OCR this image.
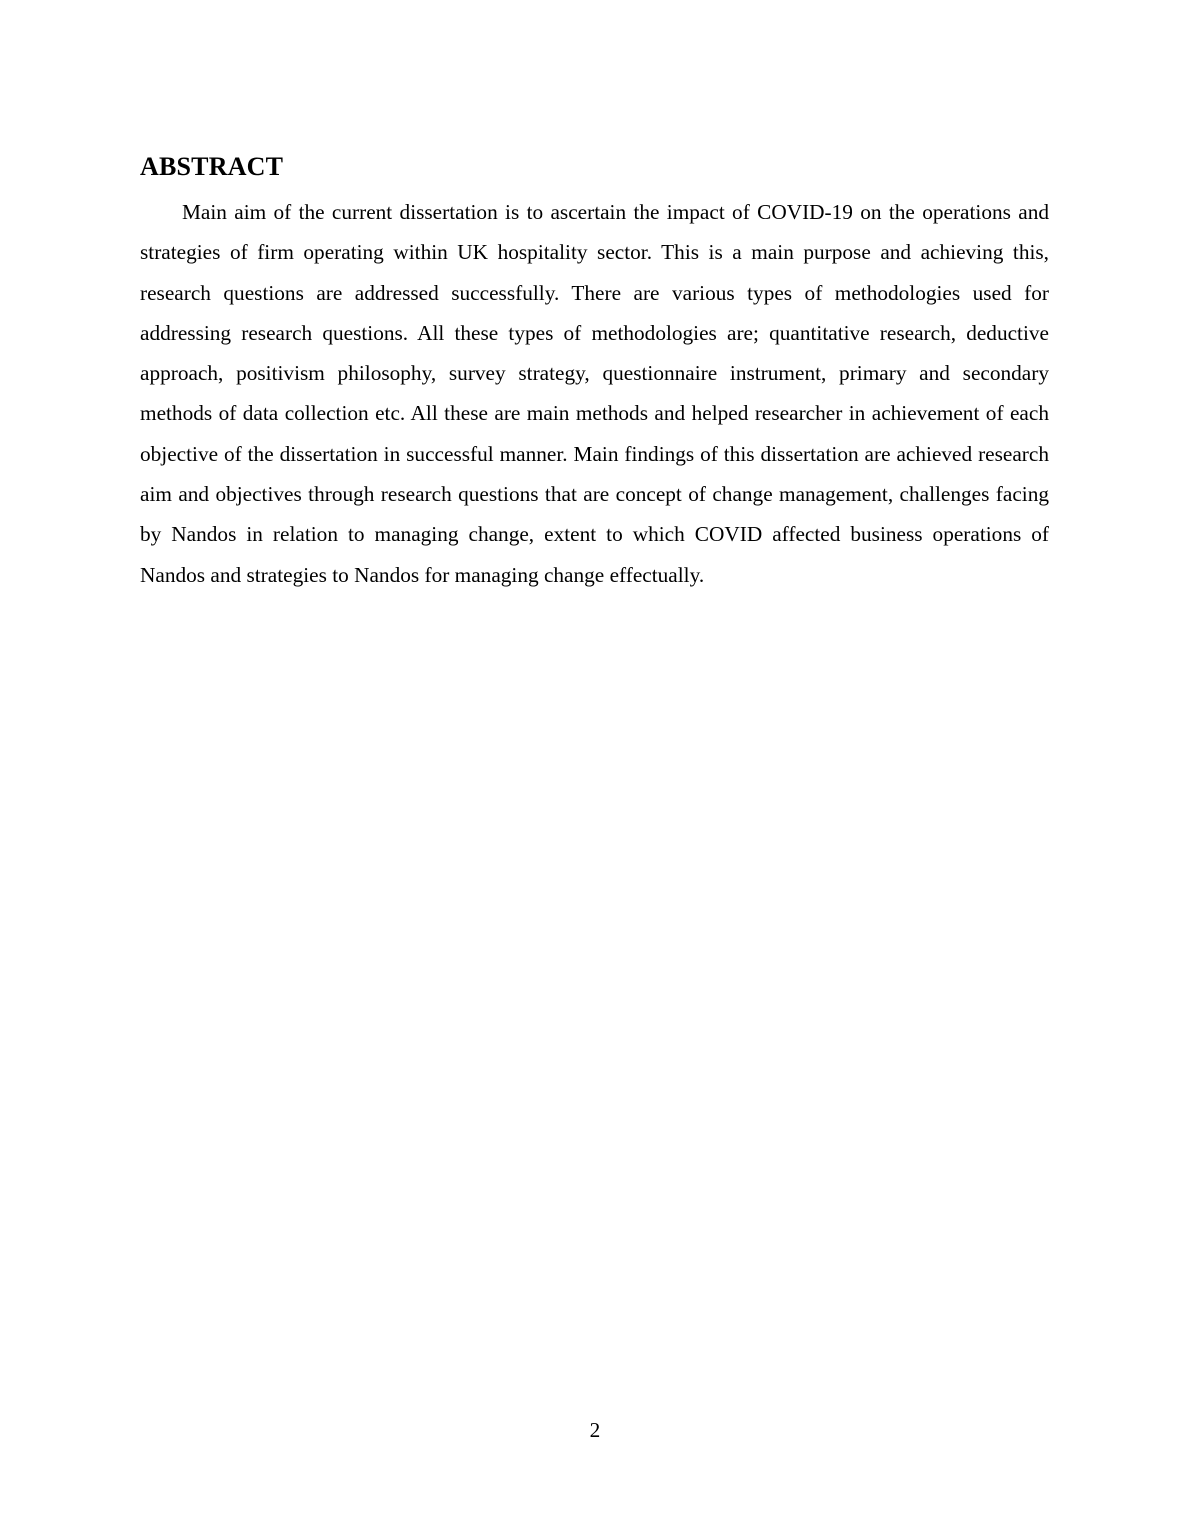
ABSTRACT

Main aim of the current dissertation is to ascertain the impact of COVID-19 on the operations and strategies of firm operating within UK hospitality sector. This is a main purpose and achieving this, research questions are addressed successfully. There are various types of methodologies used for addressing research questions. All these types of methodologies are; quantitative research, deductive approach, positivism philosophy, survey strategy, questionnaire instrument, primary and secondary methods of data collection etc. All these are main methods and helped researcher in achievement of each objective of the dissertation in successful manner. Main findings of this dissertation are achieved research aim and objectives through research questions that are concept of change management, challenges facing by Nandos in relation to managing change, extent to which COVID affected business operations of Nandos and strategies to Nandos for managing change effectually.

2
